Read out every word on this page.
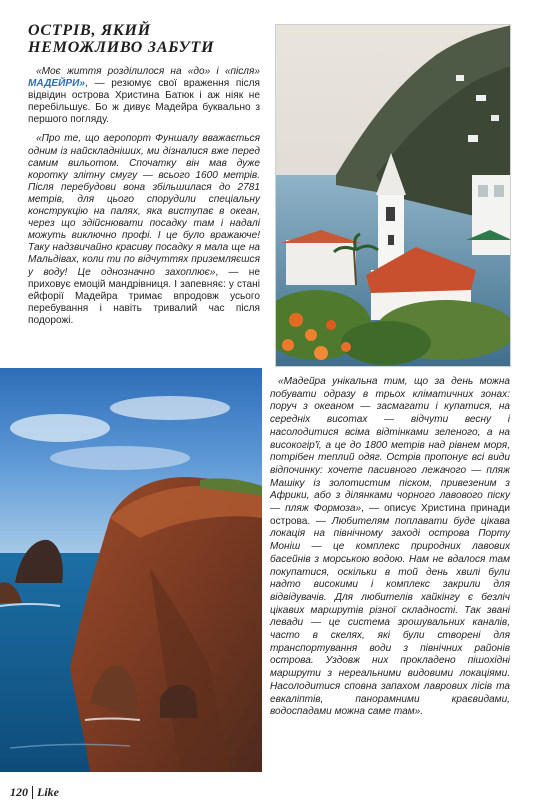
ОСТРІВ, ЯКИЙ
НЕМОЖЛИВО ЗАБУТИ

«Моє життя розділилося на «до» і «після» МАДЕЙРИ», — резюмує свої враження після відвідин острова Христина Батюк і аж ніяк не перебільшує. Бо ж дивує Мадейра буквально з першого погляду.

«Про те, що аеропорт Фуншалу вважається одним із найскладніших, ми дізналися вже перед самим вильотом. Спочатку він мав дуже коротку злітну смугу — всього 1600 метрів. Після перебудови вона збільшилася до 2781 метрів, для цього спорудили спеціальну конструкцію на палях, яка виступає в океан, через що здійснювати посадку там і надалі можуть виключно профі. І це було вражаюче! Таку надзвичайно красиву посадку я мала ще на Мальдівах, коли ти по відчуттях приземляєшся у воду! Це однозначно захоплює», — не приховує емоцій мандрівниця. І запевняє: у стані ейфорії Мадейра тримає впродовж усього перебування і навіть тривалий час після подорожі.

«Мадейра унікальна тим, що за день можна побувати одразу в трьох кліматичних зонах: поруч з океаном — засмагати і купатися, на середніх висотах — відчути весну і насолодитися всіма відтінками зеленого, а на високогір'ї, а це до 1800 метрів над рівнем моря, потрібен теплий одяг. Острів пропонує всі види відпочинку: хочете пасивного лежачого — пляж Машіку із золотистим піском, привезеним з Африки, або з ділянками чорного лавового піску — пляж Формоза», — описує Христина принади острова. — Любителям поплавати буде цікава локація на північному заході острова Порту Моніш — це комплекс природних лавових басейнів з морською водою. Нам не вдалося там покупатися, оскільки в той день хвилі були надто високими і комплекс закрили для відвідувачів. Для любителів хайкінгу є безліч цікавих маршрутів різної складності. Так звані левади — це система зрошувальних каналів, часто в скелях, які були створені для транспортування води з північних районів острова. Уздовж них прокладено пішохідні маршрути з нереальними видовими локаціями. Насолодитися сповна запахом лаврових лісів та евкаліптів, панорамними краєвидами, водоспадами можна саме там».

120 Like
